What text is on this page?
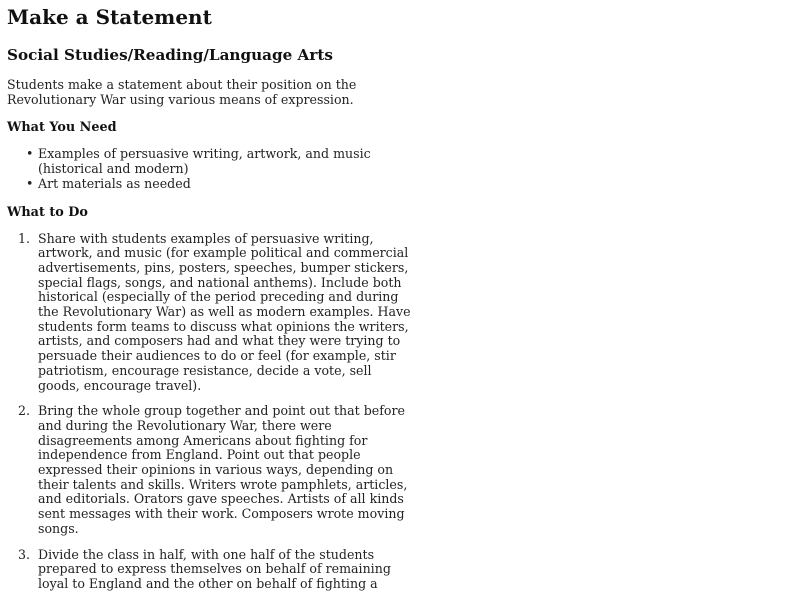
Make a Statement
Social Studies/Reading/Language Arts

Students make a statement about their position on the Revolutionary War using various means of expression.

What You Need
• Examples of persuasive writing, artwork, and music (historical and modern)
• Art materials as needed
What to Do
1. Share with students examples of persuasive writing, artwork, and music (for example political and commercial advertisements, pins, posters, speeches, bumper stickers, special flags, songs, and national anthems). Include both historical (especially of the period preceding and during the Revolutionary War) as well as modern examples. Have students form teams to discuss what opinions the writers, artists, and composers had and what they were trying to persuade their audiences to do or feel (for example, stir patriotism, encourage resistance, decide a vote, sell goods, encourage travel).
2. Bring the whole group together and point out that before and during the Revolutionary War, there were disagreements among Americans about fighting for independence from England. Point out that people expressed their opinions in various ways, depending on their talents and skills. Writers wrote pamphlets, articles, and editorials. Orators gave speeches. Artists of all kinds sent messages with their work. Composers wrote moving songs.
3. Divide the class in half, with one half of the students prepared to express themselves on behalf of remaining loyal to England and the other on behalf of fighting a
